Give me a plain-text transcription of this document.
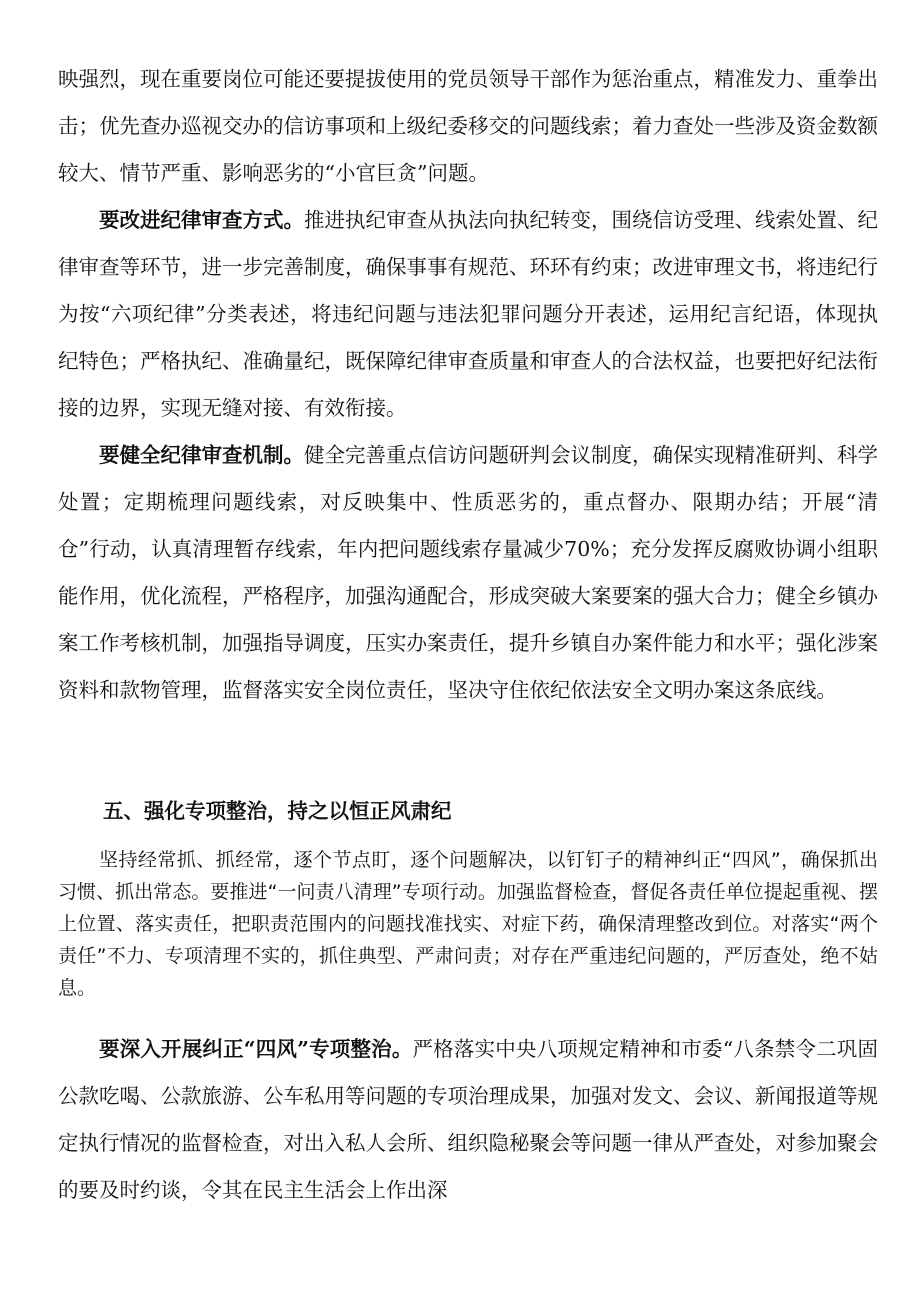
映强烈，现在重要岗位可能还要提拔使用的党员领导干部作为惩治重点，精准发力、重拳出击；优先查办巡视交办的信访事项和上级纪委移交的问题线索；着力查处一些涉及资金数额较大、情节严重、影响恶劣的“小官巨贪”问题。

要改进纪律审查方式。推进执纪审查从执法向执纪转变，围绕信访受理、线索处置、纪律审查等环节，进一步完善制度，确保事事有规范、环环有约束；改进审理文书，将违纪行为按“六项纪律”分类表述，将违纪问题与违法犯罪问题分开表述，运用纪言纪语，体现执纪特色；严格执纪、准确量纪，既保障纪律审查质量和审查人的合法权益，也要把好纪法衔接的边界，实现无缝对接、有效衔接。

要健全纪律审查机制。健全完善重点信访问题研判会议制度，确保实现精准研判、科学处置；定期梳理问题线索，对反映集中、性质恶劣的，重点督办、限期办结；开展“清仓”行动，认真清理暂存线索，年内把问题线索存量减少70%；充分发挥反腐败协调小组职能作用，优化流程，严格程序，加强沟通配合，形成突破大案要案的强大合力；健全乡镇办案工作考核机制，加强指导调度，压实办案责任，提升乡镇自办案件能力和水平；强化涉案资料和款物管理，监督落实安全岗位责任，坚决守住依纪依法安全文明办案这条底线。

五、强化专项整治，持之以恒正风肃纪

坚持经常抓、抓经常，逐个节点盯，逐个问题解决，以钉钉子的精神纠正“四风”，确保抓出习惯、抓出常态。要推进“一问责八清理”专项行动。加强监督检查，督促各责任单位提起重视、摆上位置、落实责任，把职责范围内的问题找准找实、对症下药，确保清理整改到位。对落实“两个责任”不力、专项清理不实的，抓住典型、严肃问责；对存在严重违纪问题的，严厉查处，绝不姑息。

要深入开展纠正“四风”专项整治。严格落实中央八项规定精神和市委“八条禁令二巩固公款吃喝、公款旅游、公车私用等问题的专项治理成果，加强对发文、会议、新闻报道等规定执行情况的监督检查，对出入私人会所、组织隐秘聚会等问题一律从严查处，对参加聚会的要及时约谈，令其在民主生活会上作出深
